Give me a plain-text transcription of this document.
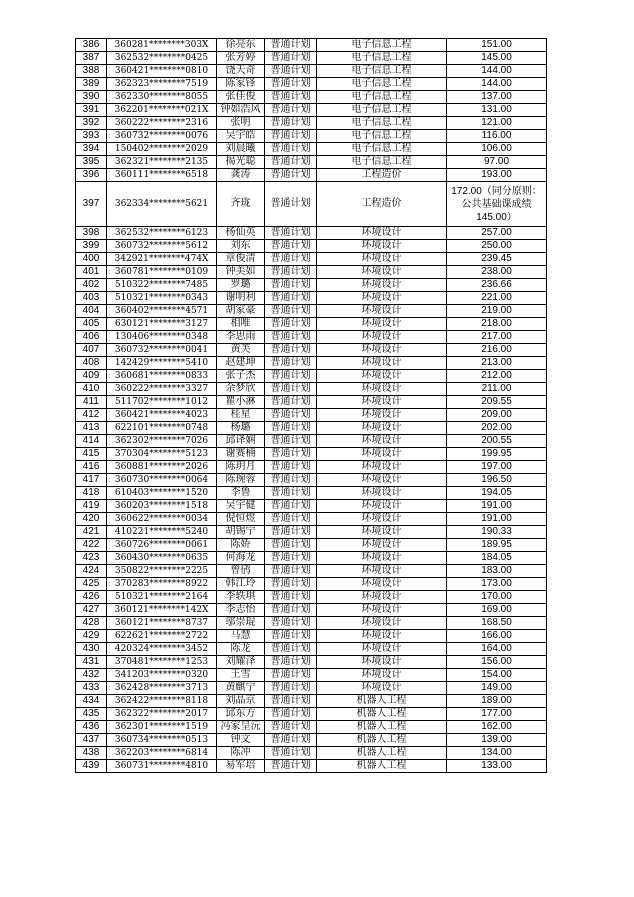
386	360281********303X	徐亮东	普通计划	电子信息工程	151.00
387	362532********0425	张芳婷	普通计划	电子信息工程	145.00
388	360421********0810	饶天奇	普通计划	电子信息工程	144.00
389	362323********7519	陈家锋	普通计划	电子信息工程	144.00
390	362330********8055	张佳俊	普通计划	电子信息工程	137.00
391	362201********021X	钟如浩风	普通计划	电子信息工程	131.00
392	360222********2316	张明	普通计划	电子信息工程	121.00
393	360732********0076	吴宇皓	普通计划	电子信息工程	116.00
394	150402********2029	刘晨曦	普通计划	电子信息工程	106.00
395	362321********2135	揭光聪	普通计划	电子信息工程	97.00
396	360111********6518	龚涛	普通计划	工程造价	193.00
397	362334********5621	齐珑	普通计划	工程造价	172.00（同分原则：公共基础课成绩145.00）
398	362532********6123	杨仙英	普通计划	环境设计	257.00
399	360732********5612	刘东	普通计划	环境设计	250.00
400	342921********474X	章俊清	普通计划	环境设计	239.45
401	360781********0109	钟美如	普通计划	环境设计	238.00
402	510322********7485	罗璐	普通计划	环境设计	236.66
403	510321********0343	谢明利	普通计划	环境设计	221.00
404	360402********4571	胡家豪	普通计划	环境设计	219.00
405	630121********3127	相唯	普通计划	环境设计	218.00
406	130406********0348	李思雨	普通计划	环境设计	217.00
407	360732********0041	黄芙	普通计划	环境设计	216.00
408	142429********5410	赵建坤	普通计划	环境设计	213.00
409	360681********0833	张子杰	普通计划	环境设计	212.00
410	360222********3327	余梦欣	普通计划	环境设计	211.00
411	511702********1012	瞿小淋	普通计划	环境设计	209.55
412	360421********4023	桂星	普通计划	环境设计	209.00
413	622101********0748	杨璐	普通计划	环境设计	202.00
414	362302********7026	邱译娴	普通计划	环境设计	200.55
415	370304********5123	谢赛楠	普通计划	环境设计	199.95
416	360881********2026	陈玥月	普通计划	环境设计	197.00
417	360730********0064	陈琬蓉	普通计划	环境设计	196.50
418	610403********1520	李鲁	普通计划	环境设计	194.05
419	360203********1518	吴宇健	普通计划	环境设计	191.00
420	360622********0034	倪恒煜	普通计划	环境设计	191.00
421	410221********5240	胡锡宁	普通计划	环境设计	190.33
422	360726********0061	陈娇	普通计划	环境设计	189.95
423	360430********0635	何海龙	普通计划	环境设计	184.05
424	350822********2225	曾鸻	普通计划	环境设计	183.00
425	370283********8922	韩江玲	普通计划	环境设计	173.00
426	510321********2164	李轶琪	普通计划	环境设计	170.00
427	360121********142X	李志怡	普通计划	环境设计	169.00
428	360121********8737	邬崇琨	普通计划	环境设计	168.50
429	622621********2722	马慧	普通计划	环境设计	166.00
430	420324********3452	陈龙	普通计划	环境设计	164.00
431	370481********1253	刘耀泽	普通计划	环境设计	156.00
432	341203********0320	王雪	普通计划	环境设计	154.00
433	362428********3713	黄麒宁	普通计划	环境设计	149.00
434	362422********8118	刘晶京	普通计划	机器人工程	189.00
435	362322********2017	邱东方	普通计划	机器人工程	177.00
436	362301********1519	冯家呈沅	普通计划	机器人工程	162.00
437	360734********0513	钟文	普通计划	机器人工程	139.00
438	362203********6814	陈冲	普通计划	机器人工程	134.00
439	360731********4810	易军培	普通计划	机器人工程	133.00
